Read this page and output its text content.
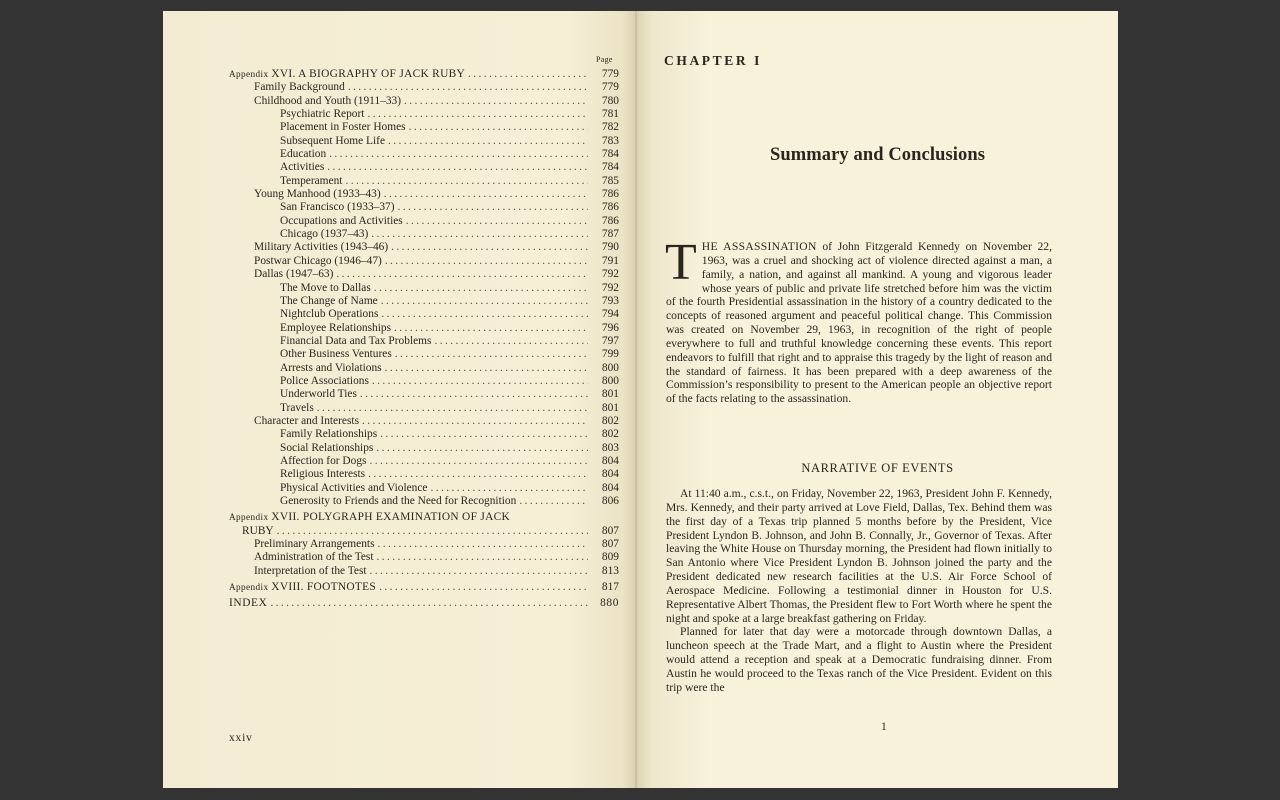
Page
Appendix XVI. A BIOGRAPHY OF JACK RUBY .....	779
Family Background .....	779
Childhood and Youth (1911–33) .....	780
Psychiatric Report .....	781
Placement in Foster Homes .....	782
Subsequent Home Life .....	783
Education .....	784
Activities .....	784
Temperament .....	785
Young Manhood (1933–43) .....	786
San Francisco (1933–37) .....	786
Occupations and Activities .....	786
Chicago (1937–43) .....	787
Military Activities (1943–46) .....	790
Postwar Chicago (1946–47) .....	791
Dallas (1947–63) .....	792
The Move to Dallas .....	792
The Change of Name .....	793
Nightclub Operations .....	794
Employee Relationships .....	796
Financial Data and Tax Problems .....	797
Other Business Ventures .....	799
Arrests and Violations .....	800
Police Associations .....	800
Underworld Ties .....	801
Travels .....	801
Character and Interests .....	802
Family Relationships .....	802
Social Relationships .....	803
Affection for Dogs .....	804
Religious Interests .....	804
Physical Activities and Violence .....	804
Generosity to Friends and the Need for Recognition .....	806
Appendix XVII. POLYGRAPH EXAMINATION OF JACK
RUBY .....	807
Preliminary Arrangements .....	807
Administration of the Test .....	809
Interpretation of the Test .....	813
Appendix XVIII. FOOTNOTES .....	817
INDEX .....	880
xxiv
CHAPTER I
Summary and Conclusions
THE ASSASSINATION of John Fitzgerald Kennedy on November 22, 1963, was a cruel and shocking act of violence directed against a man, a family, a nation, and against all mankind. A young and vigorous leader whose years of public and private life stretched before him was the victim of the fourth Presidential assassination in the history of a country dedicated to the concepts of reasoned argument and peaceful political change. This Commission was created on November 29, 1963, in recognition of the right of people everywhere to full and truthful knowledge concerning these events. This report endeavors to fulfill that right and to appraise this tragedy by the light of reason and the standard of fairness. It has been prepared with a deep awareness of the Commission’s responsibility to present to the American people an objective report of the facts relating to the assassination.
NARRATIVE OF EVENTS

At 11:40 a.m., c.s.t., on Friday, November 22, 1963, President John F. Kennedy, Mrs. Kennedy, and their party arrived at Love Field, Dallas, Tex. Behind them was the first day of a Texas trip planned 5 months before by the President, Vice President Lyndon B. Johnson, and John B. Connally, Jr., Governor of Texas. After leaving the White House on Thursday morning, the President had flown initially to San Antonio where Vice President Lyndon B. Johnson joined the party and the President dedicated new research facilities at the U.S. Air Force School of Aerospace Medicine. Following a testimonial dinner in Houston for U.S. Representative Albert Thomas, the President flew to Fort Worth where he spent the night and spoke at a large breakfast gathering on Friday.

Planned for later that day were a motorcade through downtown Dallas, a luncheon speech at the Trade Mart, and a flight to Austin where the President would attend a reception and speak at a Democratic fundraising dinner. From Austin he would proceed to the Texas ranch of the Vice President. Evident on this trip were the

1
